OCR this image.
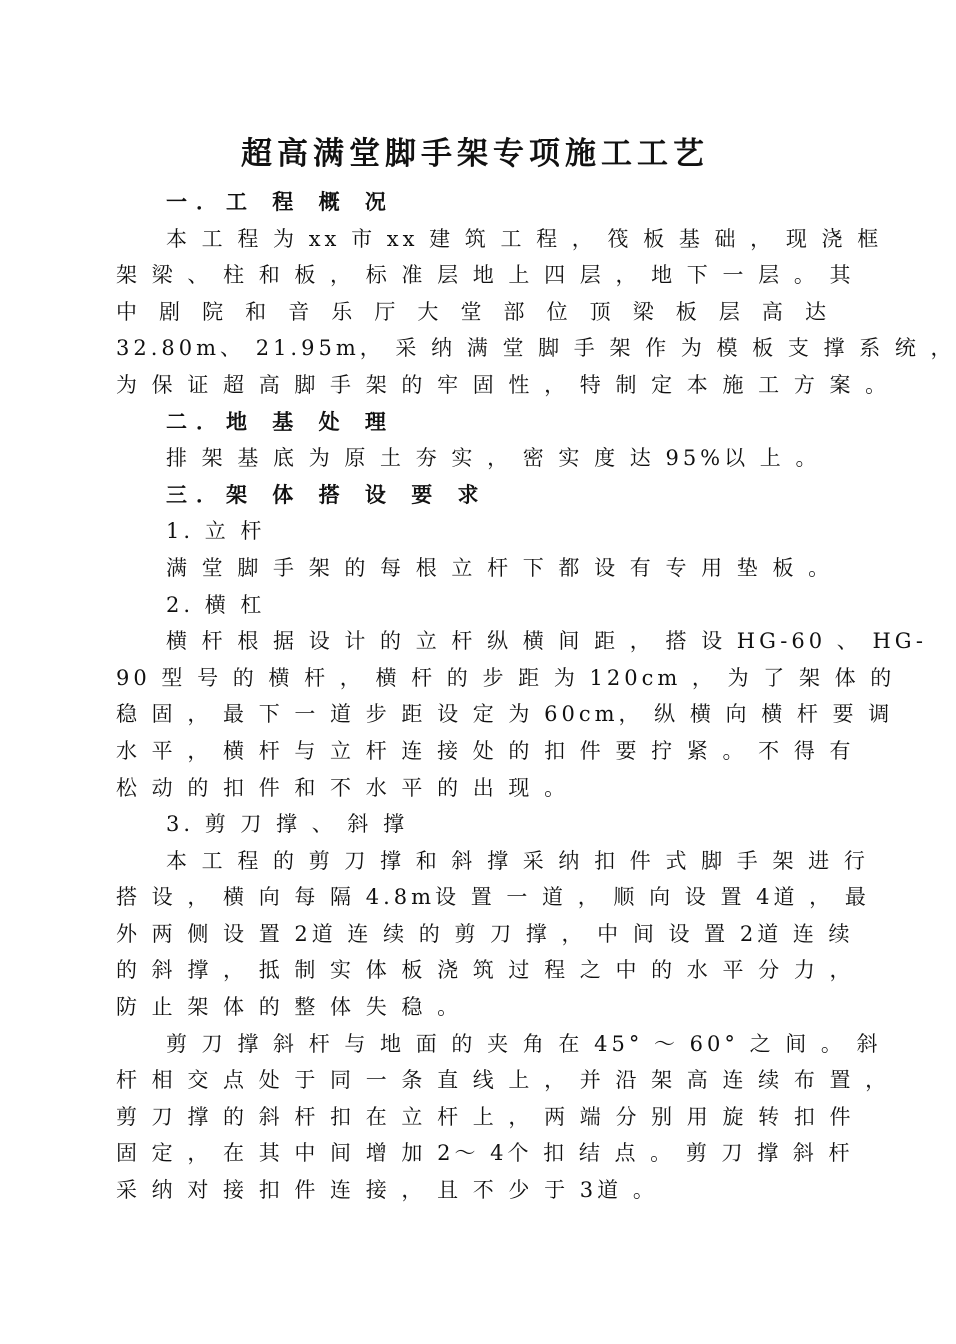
超高满堂脚手架专项施工工艺
一．工 程 概 况
本 工 程 为 xx 市 xx 建 筑 工 程 ， 筏 板 基 础 ， 现 浇 框
架 梁 、 柱 和 板 ， 标 准 层 地 上 四 层 ， 地 下 一 层 。 其
中 剧 院 和 音 乐 厅 大 堂 部 位 顶 梁 板 层 高 达
32.80m、 21.95m， 采 纳 满 堂 脚 手 架 作 为 模 板 支 撑 系 统 ，
为 保 证 超 高 脚 手 架 的 牢 固 性 ， 特 制 定 本 施 工 方 案 。
二．地 基 处 理
排 架 基 底 为 原 土 夯 实 ， 密 实 度 达 95%以 上 。
三．架 体 搭 设 要 求
1. 立 杆
满 堂 脚 手 架 的 每 根 立 杆 下 都 设 有 专 用 垫 板 。
2. 横 杠
横 杆 根 据 设 计 的 立 杆 纵 横 间 距 ， 搭 设 HG-60 、 HG-
90 型 号 的 横 杆 ， 横 杆 的 步 距 为 120cm ， 为 了 架 体 的
稳 固 ， 最 下 一 道 步 距 设 定 为 60cm， 纵 横 向 横 杆 要 调
水 平 ， 横 杆 与 立 杆 连 接 处 的 扣 件 要 拧 紧 。 不 得 有
松 动 的 扣 件 和 不 水 平 的 出 现 。
3. 剪 刀 撑 、 斜 撑
本 工 程 的 剪 刀 撑 和 斜 撑 采 纳 扣 件 式 脚 手 架 进 行
搭 设 ， 横 向 每 隔 4.8m设 置 一 道 ， 顺 向 设 置 4道 ， 最
外 两 侧 设 置 2道 连 续 的 剪 刀 撑 ， 中 间 设 置 2道 连 续
的 斜 撑 ， 抵 制 实 体 板 浇 筑 过 程 之 中 的 水 平 分 力 ，
防 止 架 体 的 整 体 失 稳 。
剪 刀 撑 斜 杆 与 地 面 的 夹 角 在 45° ～ 60° 之 间 。 斜
杆 相 交 点 处 于 同 一 条 直 线 上 ， 并 沿 架 高 连 续 布 置 ，
剪 刀 撑 的 斜 杆 扣 在 立 杆 上 ， 两 端 分 别 用 旋 转 扣 件
固 定 ， 在 其 中 间 增 加 2～ 4个 扣 结 点 。 剪 刀 撑 斜 杆
采 纳 对 接 扣 件 连 接 ， 且 不 少 于 3道 。
